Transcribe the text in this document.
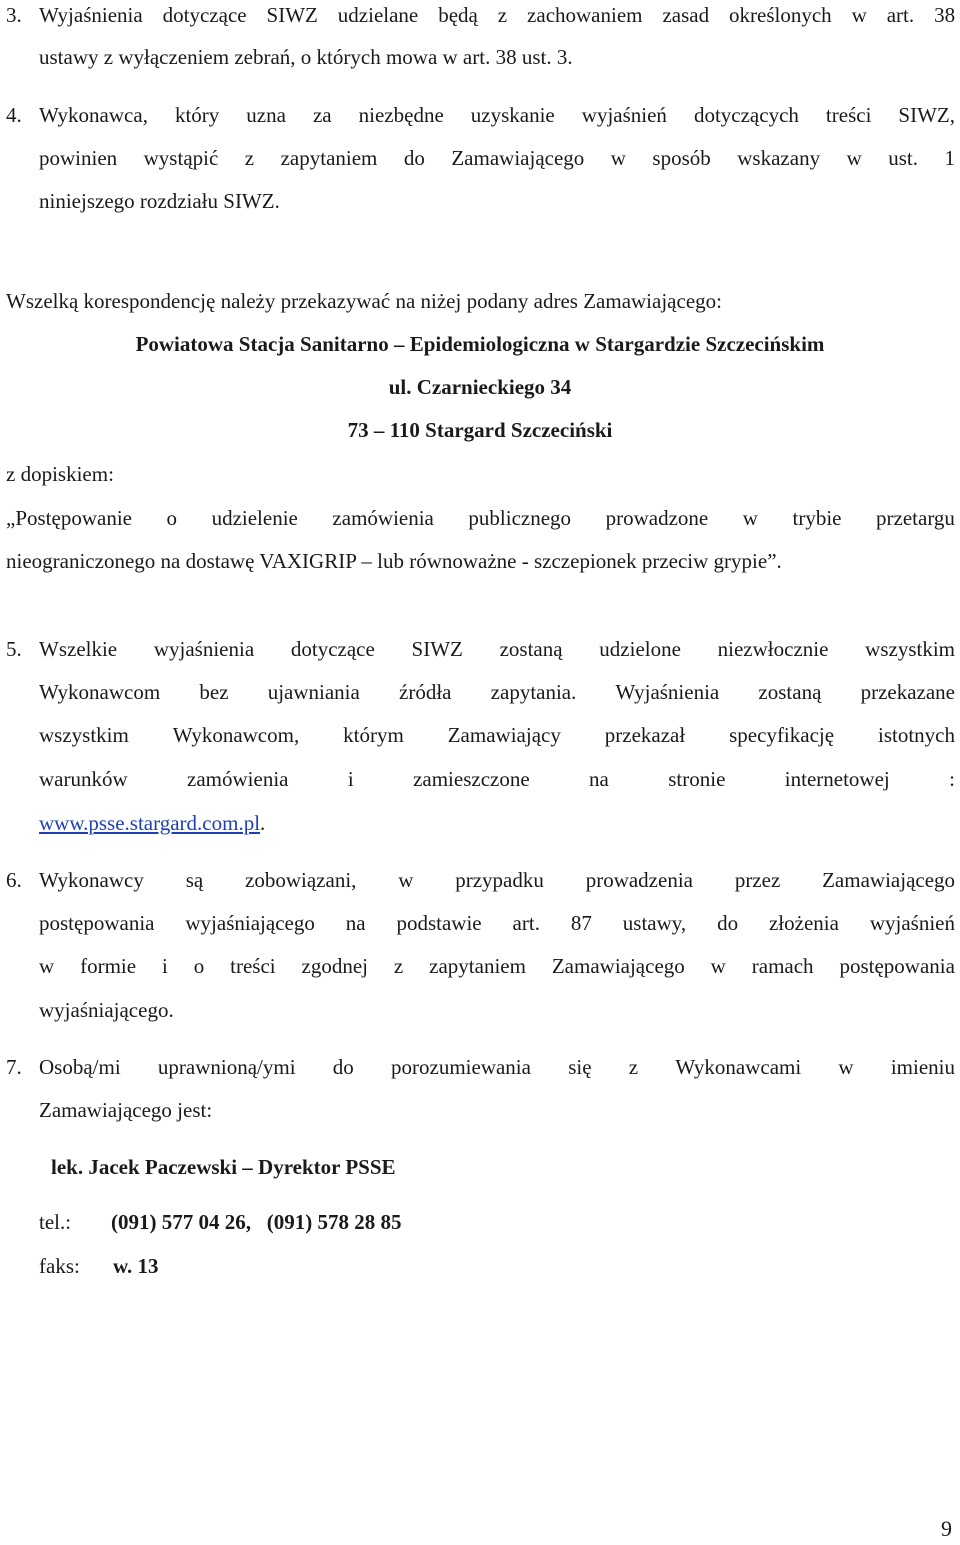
3. Wyjaśnienia dotyczące SIWZ udzielane będą z zachowaniem zasad określonych w art. 38
ustawy z wyłączeniem zebrań, o których mowa w art. 38 ust. 3.
4. Wykonawca, który uzna za niezbędne uzyskanie wyjaśnień dotyczących treści SIWZ,
powinien wystąpić z zapytaniem do Zamawiającego w sposób wskazany w ust. 1
niniejszego rozdziału SIWZ.
Wszelką korespondencję należy przekazywać na niżej podany adres Zamawiającego:
Powiatowa Stacja Sanitarno – Epidemiologiczna w Stargardzie Szczecińskim
ul. Czarnieckiego 34
73 – 110 Stargard Szczeciński
z dopiskiem:
„Postępowanie o udzielenie zamówienia publicznego prowadzone w trybie przetargu
nieograniczonego na dostawę VAXIGRIP – lub równoważne - szczepionek przeciw grypie”.
5. Wszelkie wyjaśnienia dotyczące SIWZ zostaną udzielone niezwłocznie wszystkim
Wykonawcom bez ujawniania źródła zapytania. Wyjaśnienia zostaną przekazane
wszystkim Wykonawcom, którym Zamawiający przekazał specyfikację istotnych
warunków	zamówienia	i	zamieszczone	na	stronie	internetowej	:
www.psse.stargard.com.pl.
6. Wykonawcy są zobowiązani, w przypadku prowadzenia przez Zamawiającego
postępowania wyjaśniającego na podstawie art. 87 ustawy, do złożenia wyjaśnień
w formie i o treści zgodnej z zapytaniem Zamawiającego w ramach postępowania
wyjaśniającego.
7. Osobą/mi uprawnioną/ymi do porozumiewania się z Wykonawcami w imieniu
Zamawiającego jest:
lek. Jacek Paczewski – Dyrektor PSSE
tel.: (091) 577 04 26,   (091) 578 28 85
faks: w. 13
9
